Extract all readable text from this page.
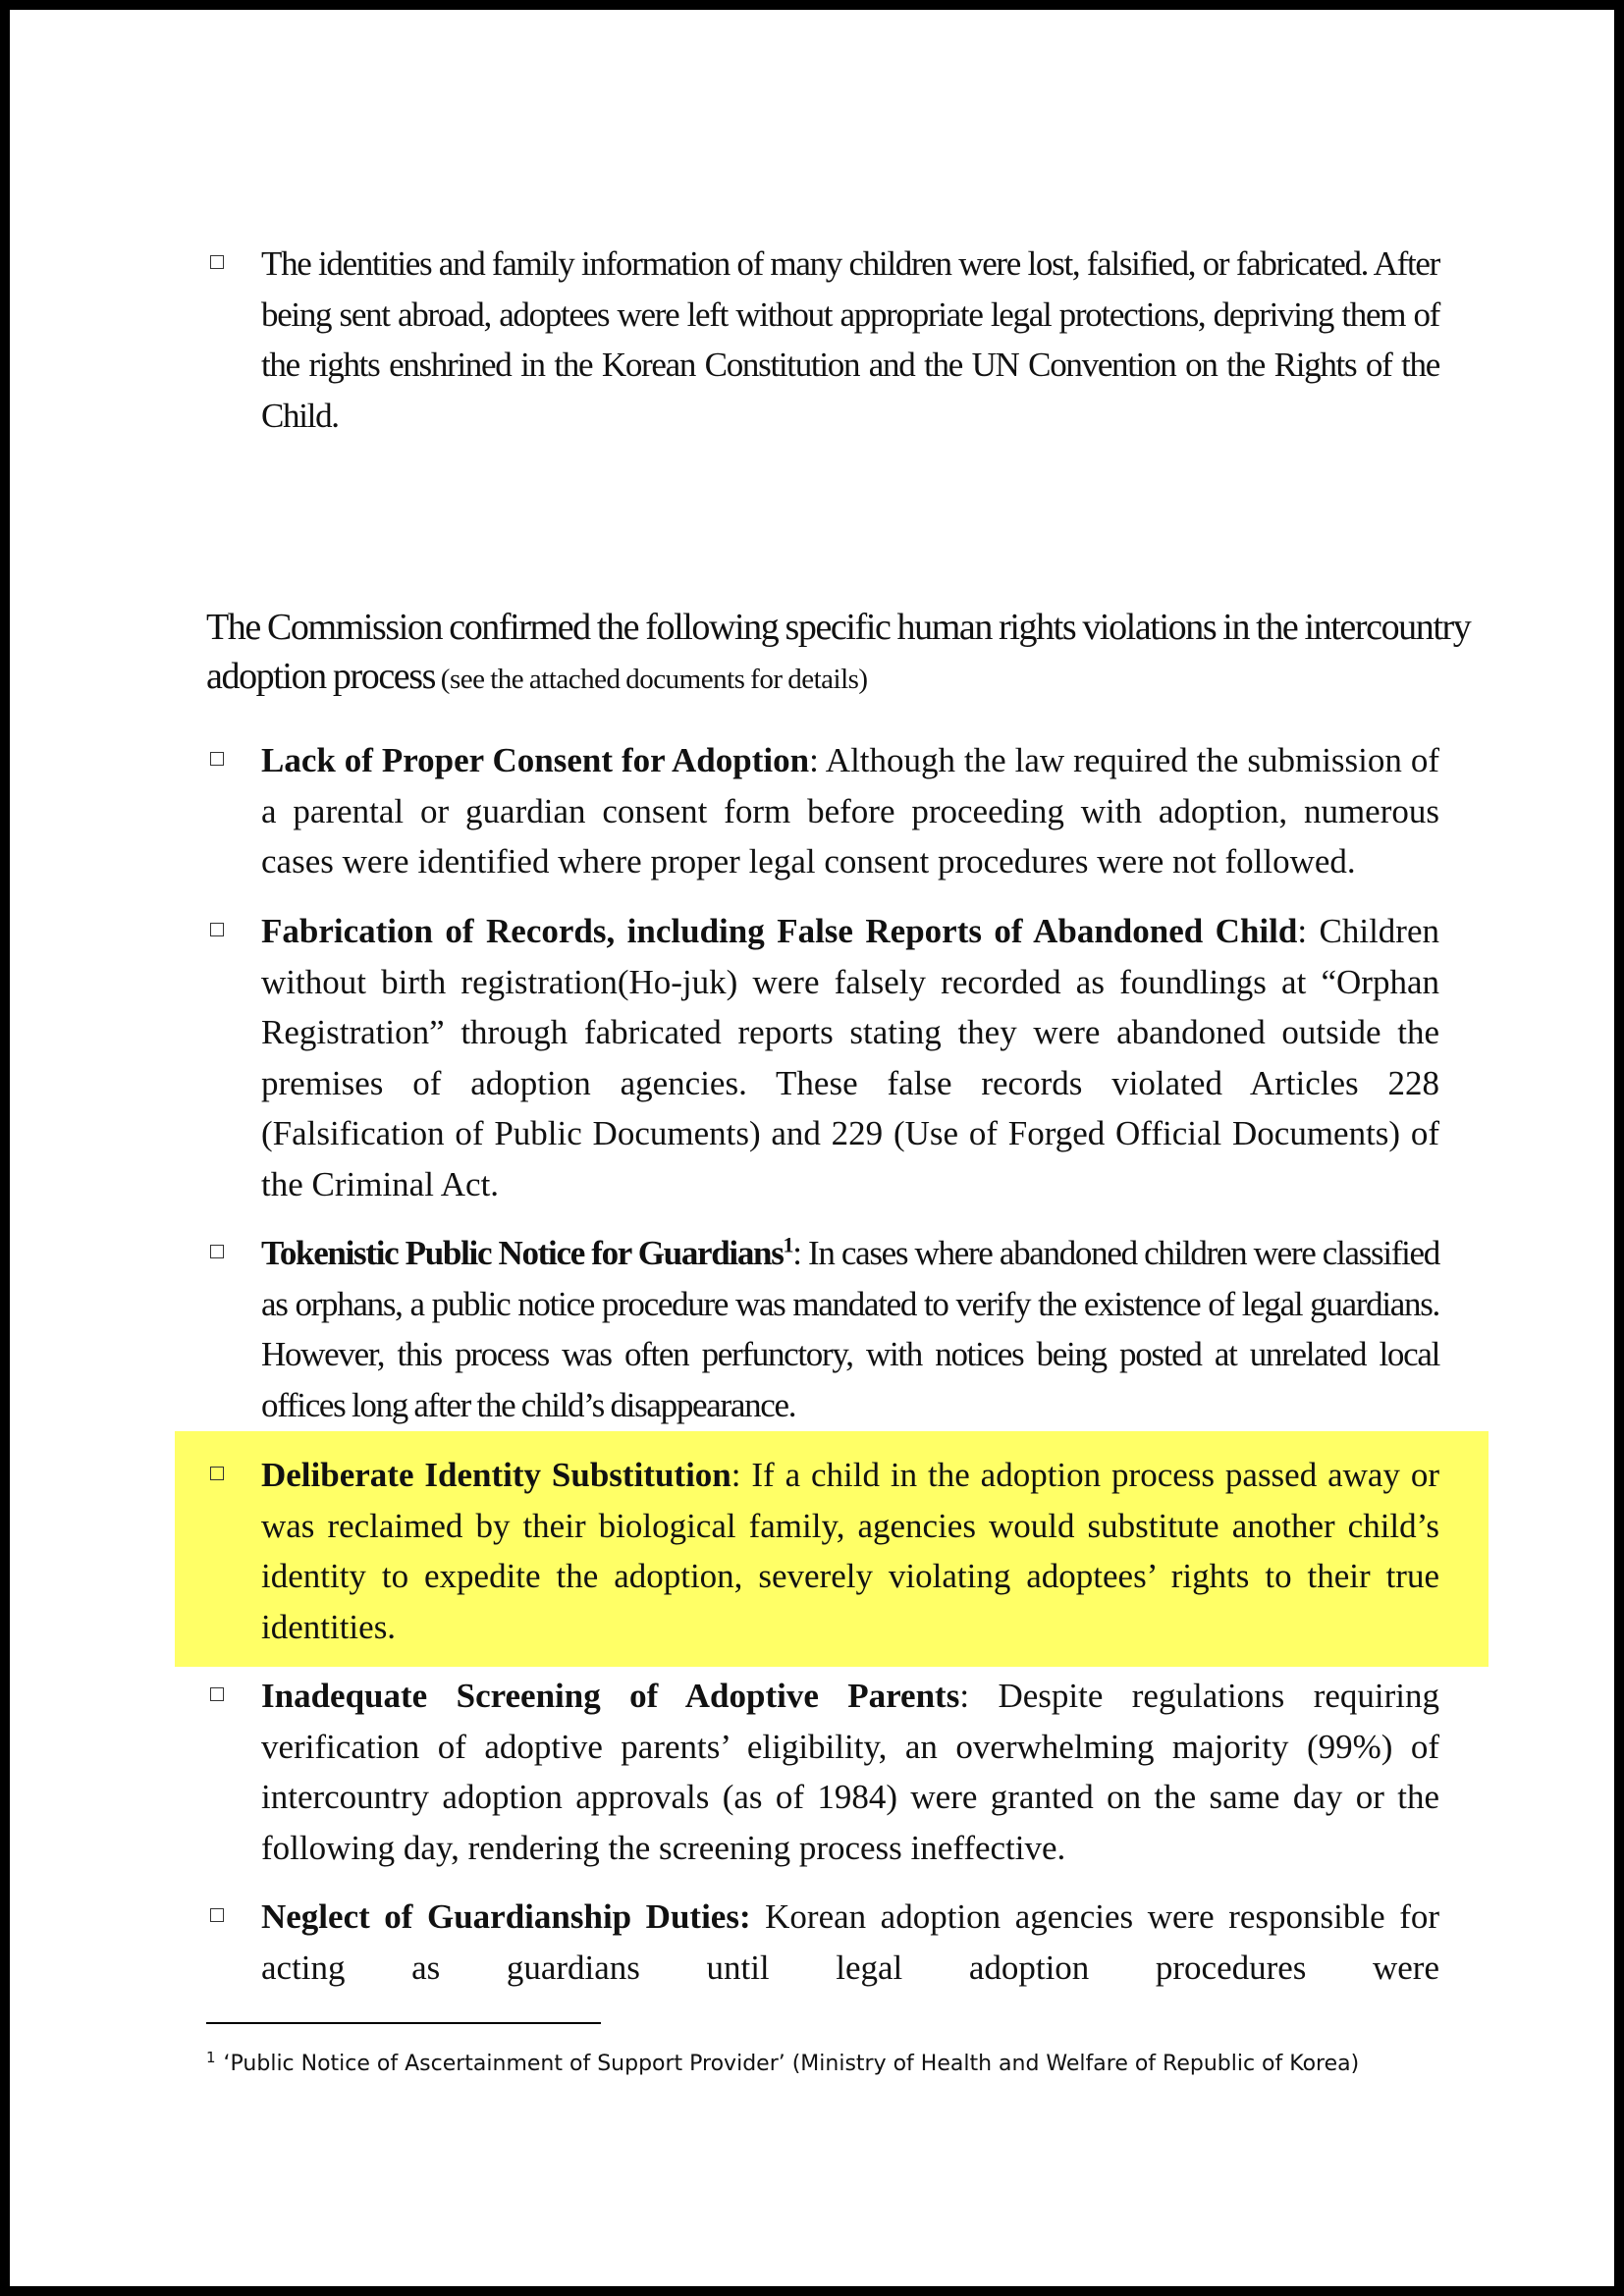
The identities and family information of many children were lost, falsified, or fabricated. After being sent abroad, adoptees were left without appropriate legal protections, depriving them of the rights enshrined in the Korean Constitution and the UN Convention on the Rights of the Child.

The Commission confirmed the following specific human rights violations in the intercountry adoption process (see the attached documents for details)

Lack of Proper Consent for Adoption: Although the law required the submission of a parental or guardian consent form before proceeding with adoption, numerous cases were identified where proper legal consent procedures were not followed.

Fabrication of Records, including False Reports of Abandoned Child: Children without birth registration(Ho-juk) were falsely recorded as foundlings at “Orphan Registration” through fabricated reports stating they were abandoned outside the premises of adoption agencies. These false records violated Articles 228 (Falsification of Public Documents) and 229 (Use of Forged Official Documents) of the Criminal Act.

Tokenistic Public Notice for Guardians$^1$: In cases where abandoned children were classified as orphans, a public notice procedure was mandated to verify the existence of legal guardians. However, this process was often perfunctory, with notices being posted at unrelated local offices long after the child’s disappearance.

Deliberate Identity Substitution: If a child in the adoption process passed away or was reclaimed by their biological family, agencies would substitute another child’s identity to expedite the adoption, severely violating adoptees’ rights to their true identities.

Inadequate Screening of Adoptive Parents: Despite regulations requiring verification of adoptive parents’ eligibility, an overwhelming majority (99%) of intercountry adoption approvals (as of 1984) were granted on the same day or the following day, rendering the screening process ineffective.

Neglect of Guardianship Duties: Korean adoption agencies were responsible for acting as guardians until legal adoption procedures were

$^1$ ‘Public Notice of Ascertainment of Support Provider’ (Ministry of Health and Welfare of Republic of Korea)
